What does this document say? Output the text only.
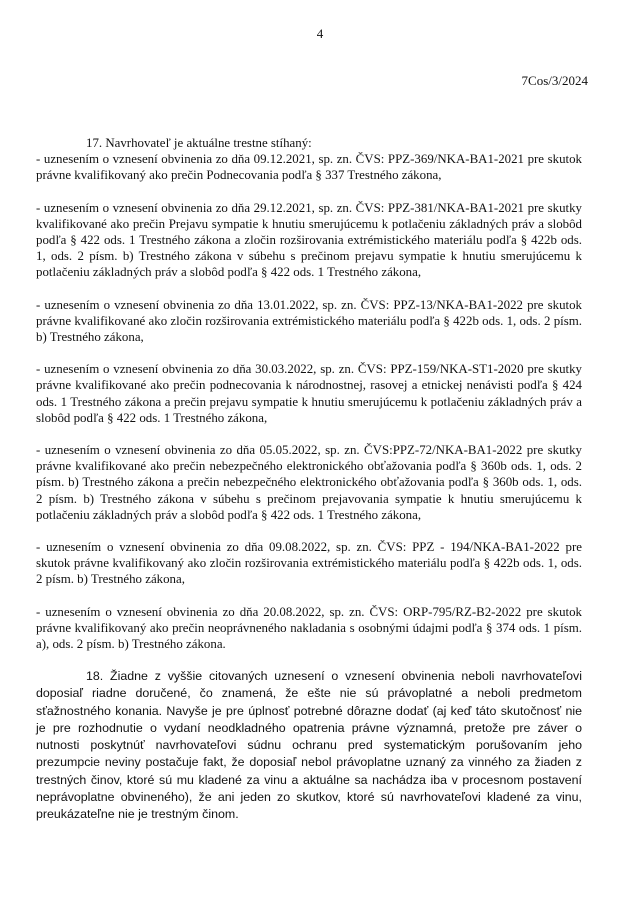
4
7Cos/3/2024

17. Navrhovateľ je aktuálne trestne stíhaný:

- uznesením o vznesení obvinenia zo dňa 09.12.2021, sp. zn. ČVS: PPZ-369/NKA-BA1-2021 pre skutok právne kvalifikovaný ako prečin Podnecovania podľa § 337 Trestného zákona,

- uznesením o vznesení obvinenia zo dňa 29.12.2021, sp. zn. ČVS: PPZ-381/NKA-BA1-2021 pre skutky kvalifikované ako prečin Prejavu sympatie k hnutiu smerujúcemu k potlačeniu základných práv a slobôd podľa § 422 ods. 1 Trestného zákona a zločin rozširovania extrémistického materiálu podľa § 422b ods. 1, ods. 2 písm. b) Trestného zákona v súbehu s prečinom prejavu sympatie k hnutiu smerujúcemu k potlačeniu základných práv a slobôd podľa § 422 ods. 1 Trestného zákona,

- uznesením o vznesení obvinenia zo dňa 13.01.2022, sp. zn. ČVS: PPZ-13/NKA-BA1-2022 pre skutok právne kvalifikované ako zločin rozširovania extrémistického materiálu podľa § 422b ods. 1, ods. 2 písm. b) Trestného zákona,

- uznesením o vznesení obvinenia zo dňa 30.03.2022, sp. zn. ČVS: PPZ-159/NKA-ST1-2020 pre skutky právne kvalifikované ako prečin podnecovania k národnostnej, rasovej a etnickej nenávisti podľa § 424 ods. 1 Trestného zákona a prečin prejavu sympatie k hnutiu smerujúcemu k potlačeniu základných práv a slobôd podľa § 422 ods. 1 Trestného zákona,

- uznesením o vznesení obvinenia zo dňa 05.05.2022, sp. zn. ČVS:PPZ-72/NKA-BA1-2022 pre skutky právne kvalifikované ako prečin nebezpečného elektronického obťažovania podľa § 360b ods. 1, ods. 2 písm. b) Trestného zákona a prečin nebezpečného elektronického obťažovania podľa § 360b ods. 1, ods. 2 písm. b) Trestného zákona v súbehu s prečinom prejavovania sympatie k hnutiu smerujúcemu k potlačeniu základných práv a slobôd podľa § 422 ods. 1 Trestného zákona,

- uznesením o vznesení obvinenia zo dňa 09.08.2022, sp. zn. ČVS: PPZ - 194/NKA-BA1-2022 pre skutok právne kvalifikovaný ako zločin rozširovania extrémistického materiálu podľa § 422b ods. 1, ods. 2 písm. b) Trestného zákona,

- uznesením o vznesení obvinenia zo dňa 20.08.2022, sp. zn. ČVS: ORP-795/RZ-B2-2022 pre skutok právne kvalifikovaný ako prečin neoprávneného nakladania s osobnými údajmi podľa § 374 ods. 1 písm. a), ods. 2 písm. b) Trestného zákona.

18. Žiadne z vyššie citovaných uznesení o vznesení obvinenia neboli navrhovateľovi doposiaľ riadne doručené, čo znamená, že ešte nie sú právoplatné a neboli predmetom sťažnostného konania. Navyše je pre úplnosť potrebné dôrazne dodať (aj keď táto skutočnosť nie je pre rozhodnutie o vydaní neodkladného opatrenia právne významná, pretože pre záver o nutnosti poskytnúť navrhovateľovi súdnu ochranu pred systematickým porušovaním jeho prezumpcie neviny postačuje fakt, že doposiaľ nebol právoplatne uznaný za vinného za žiaden z trestných činov, ktoré sú mu kladené za vinu a aktuálne sa nachádza iba v procesnom postavení neprávoplatne obvineného), že ani jeden zo skutkov, ktoré sú navrhovateľovi kladené za vinu, preukázateľne nie je trestným činom.
